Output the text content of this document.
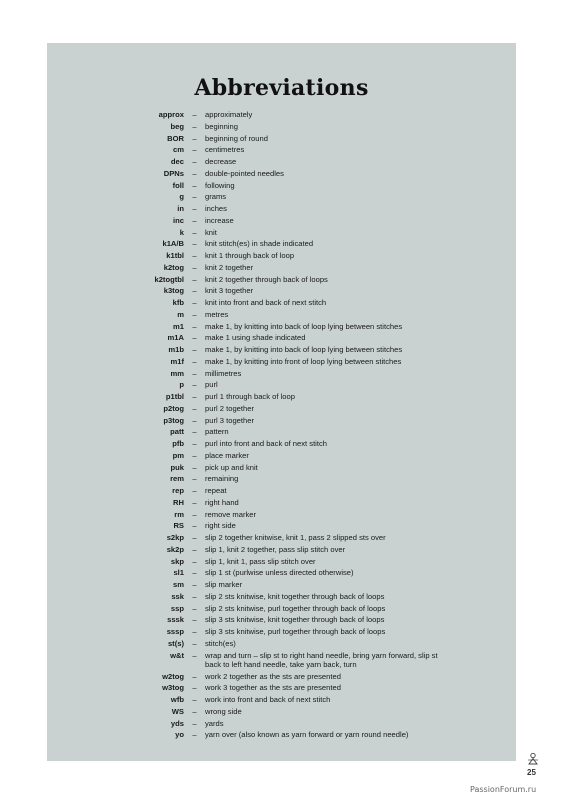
Abbreviations
approx	–	approximately
beg	–	beginning
BOR	–	beginning of round
cm	–	centimetres
dec	–	decrease
DPNs	–	double-pointed needles
foll	–	following
g	–	grams
in	–	inches
inc	–	increase
k	–	knit
k1A/B	–	knit stitch(es) in shade indicated
k1tbl	–	knit 1 through back of loop
k2tog	–	knit 2 together
k2togtbl	–	knit 2 together through back of loops
k3tog	–	knit 3 together
kfb	–	knit into front and back of next stitch
m	–	metres
m1	–	make 1, by knitting into back of loop lying between stitches
m1A	–	make 1 using shade indicated
m1b	–	make 1, by knitting into back of loop lying between stitches
m1f	–	make 1, by knitting into front of loop lying between stitches
mm	–	millimetres
p	–	purl
p1tbl	–	purl 1 through back of loop
p2tog	–	purl 2 together
p3tog	–	purl 3 together
patt	–	pattern
pfb	–	purl into front and back of next stitch
pm	–	place marker
puk	–	pick up and knit
rem	–	remaining
rep	–	repeat
RH	–	right hand
rm	–	remove marker
RS	–	right side
s2kp	–	slip 2 together knitwise, knit 1, pass 2 slipped sts over
sk2p	–	slip 1, knit 2 together, pass slip stitch over
skp	–	slip 1, knit 1, pass slip stitch over
sl1	–	slip 1 st (purlwise unless directed otherwise)
sm	–	slip marker
ssk	–	slip 2 sts knitwise, knit together through back of loops
ssp	–	slip 2 sts knitwise, purl together through back of loops
sssk	–	slip 3 sts knitwise, knit together through back of loops
sssp	–	slip 3 sts knitwise, purl together through back of loops
st(s)	–	stitch(es)
w&t	–	wrap and turn – slip st to right hand needle, bring yarn forward, slip st back to left hand needle, take yarn back, turn
w2tog	–	work 2 together as the sts are presented
w3tog	–	work 3 together as the sts are presented
wfb	–	work into front and back of next stitch
WS	–	wrong side
yds	–	yards
yo	–	yarn over (also known as yarn forward or yarn round needle)
25
PassionForum.ru
